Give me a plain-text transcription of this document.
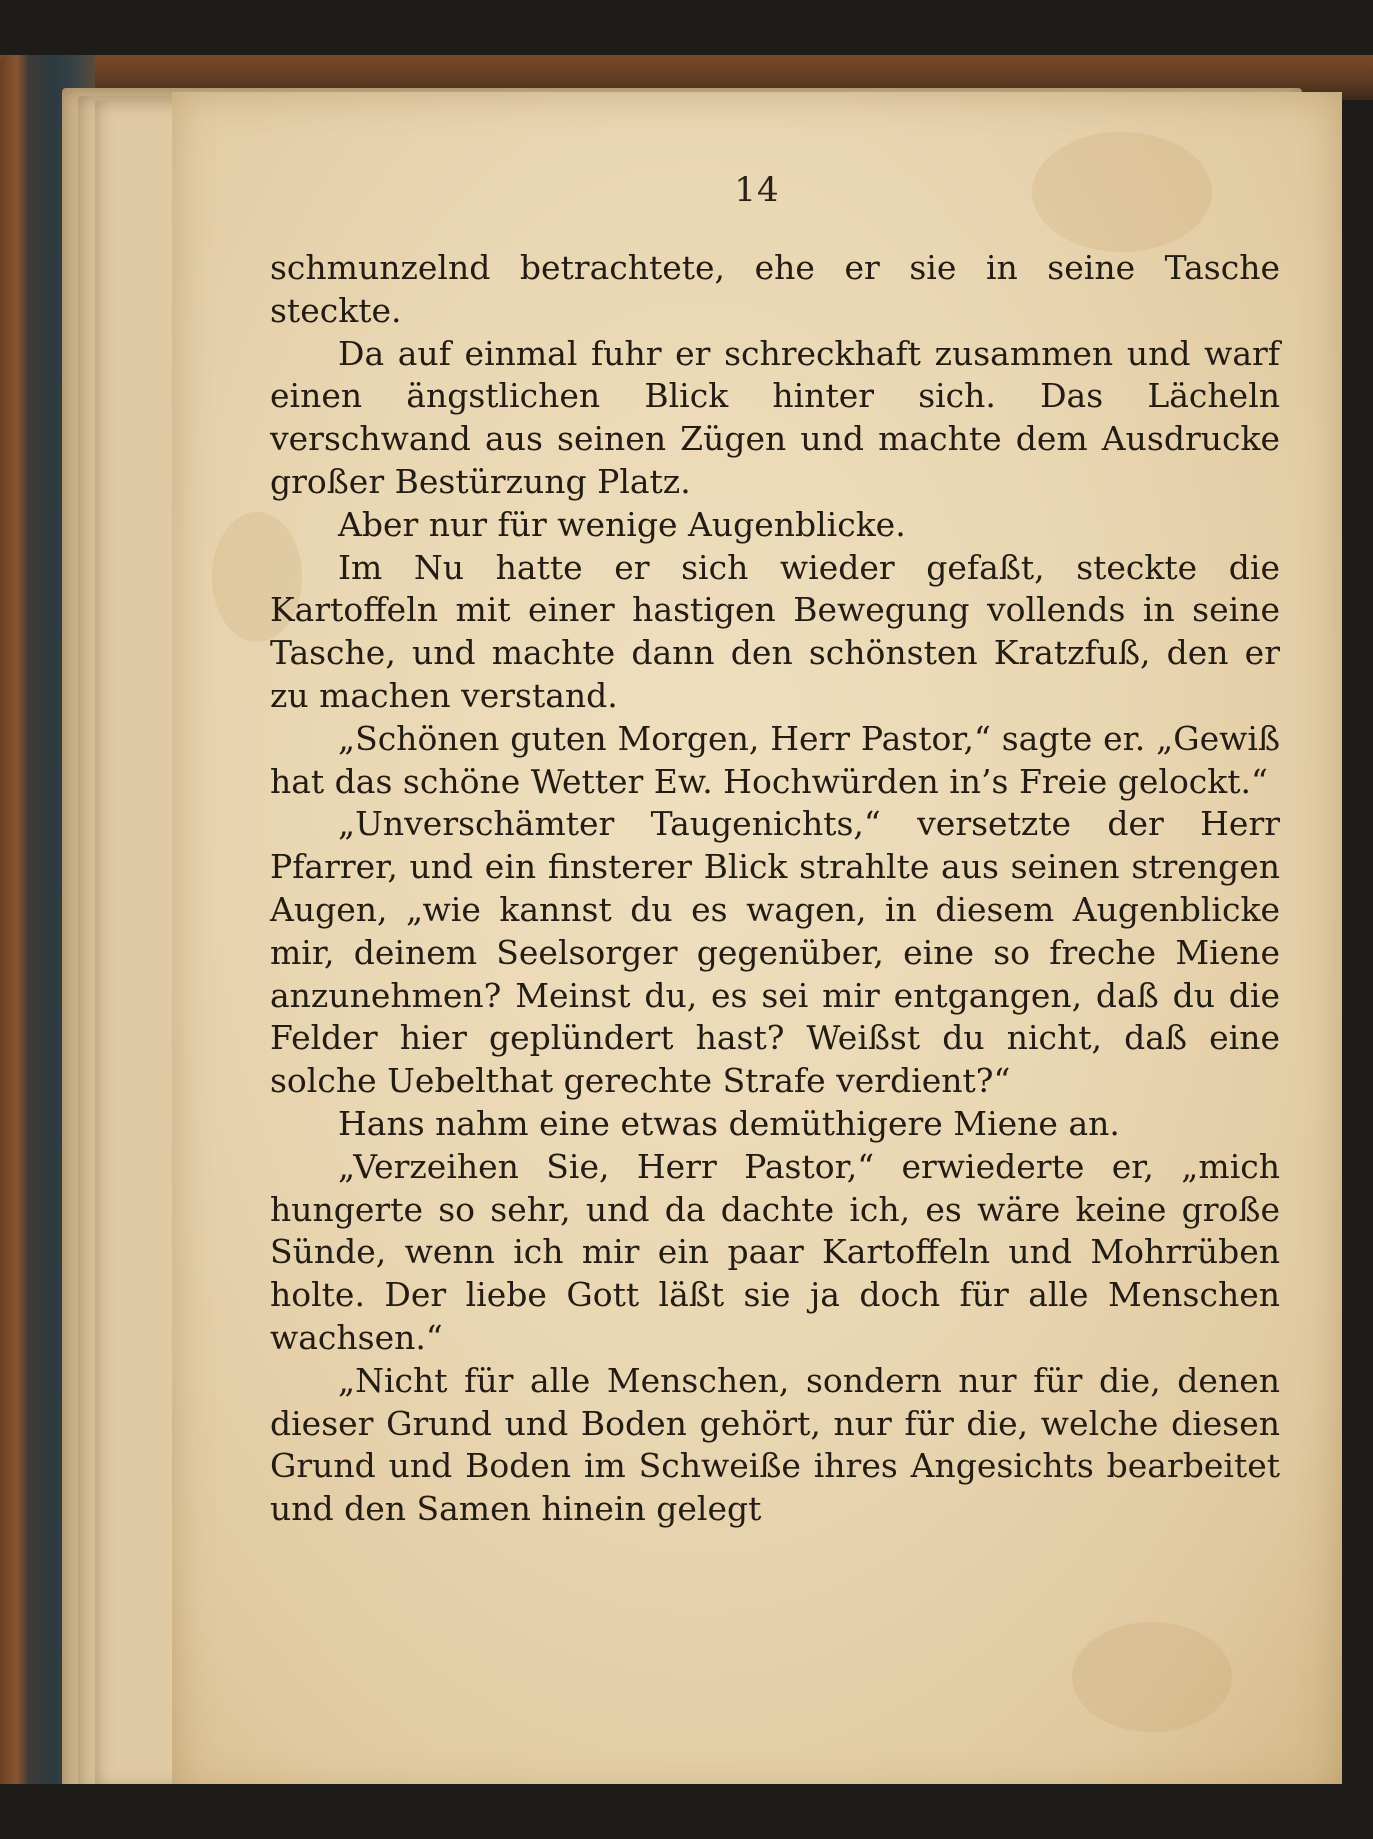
14

schmunzelnd betrachtete, ehe er sie in seine Tasche steckte.

Da auf einmal fuhr er schreckhaft zusammen und warf einen ängstlichen Blick hinter sich. Das Lächeln verschwand aus seinen Zügen und machte dem Ausdrucke großer Bestürzung Platz.

Aber nur für wenige Augenblicke.

Im Nu hatte er sich wieder gefaßt, steckte die Kartoffeln mit einer hastigen Bewegung vollends in seine Tasche, und machte dann den schönsten Kratzfuß, den er zu machen verstand.

„Schönen guten Morgen, Herr Pastor,“ sagte er. „Gewiß hat das schöne Wetter Ew. Hochwürden in’s Freie gelockt.“

„Unverschämter Taugenichts,“ versetzte der Herr Pfarrer, und ein finsterer Blick strahlte aus seinen strengen Augen, „wie kannst du es wagen, in diesem Augenblicke mir, deinem Seelsorger gegenüber, eine so freche Miene anzunehmen? Meinst du, es sei mir entgangen, daß du die Felder hier geplündert hast? Weißst du nicht, daß eine solche Uebelthat gerechte Strafe verdient?“

Hans nahm eine etwas demüthigere Miene an.

„Verzeihen Sie, Herr Pastor,“ erwiederte er, „mich hungerte so sehr, und da dachte ich, es wäre keine große Sünde, wenn ich mir ein paar Kartoffeln und Mohrrüben holte. Der liebe Gott läßt sie ja doch für alle Menschen wachsen.“

„Nicht für alle Menschen, sondern nur für die, denen dieser Grund und Boden gehört, nur für die, welche diesen Grund und Boden im Schweiße ihres Angesichts bearbeitet und den Samen hinein gelegt
